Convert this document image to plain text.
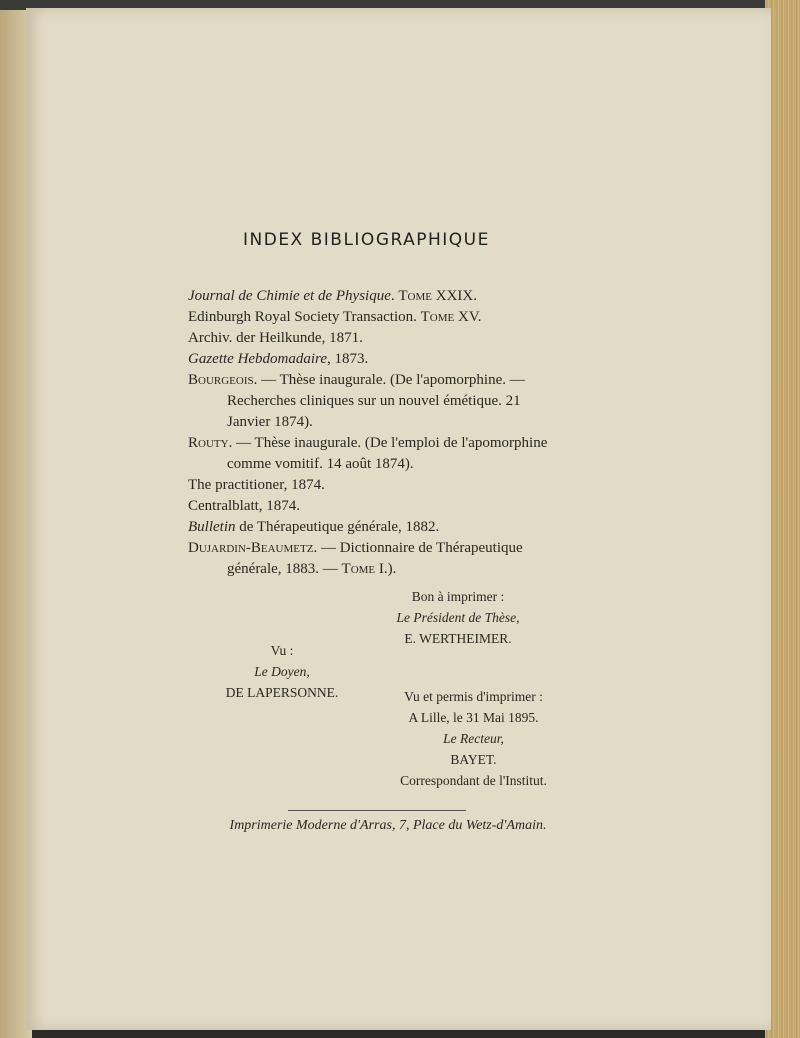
INDEX BIBLIOGRAPHIQUE
Journal de Chimie et de Physique. Tome XXIX.
Edinburgh Royal Society Transaction. Tome XV.
Archiv. der Heilkunde, 1871.
Gazette Hebdomadaire, 1873.
Bourgeois. — Thèse inaugurale. (De l'apomorphine. —
Recherches cliniques sur un nouvel émétique. 21
Janvier 1874).
Routy. — Thèse inaugurale. (De l'emploi de l'apomorphine
comme vomitif. 14 août 1874).
The practitioner, 1874.
Centralblatt, 1874.
Bulletin de Thérapeutique générale, 1882.
Dujardin-Beaumetz. — Dictionnaire de Thérapeutique
générale, 1883. — Tome I.).
Bon à imprimer :
Le Président de Thèse,
E. WERTHEIMER.
Vu :
Le Doyen,
DE LAPERSONNE.	Vu et permis d'imprimer :
A Lille, le 31 Mai 1895.
Le Recteur,
BAYET.
Correspondant de l'Institut.
Imprimerie Moderne d'Arras, 7, Place du Wetz-d'Amain.
